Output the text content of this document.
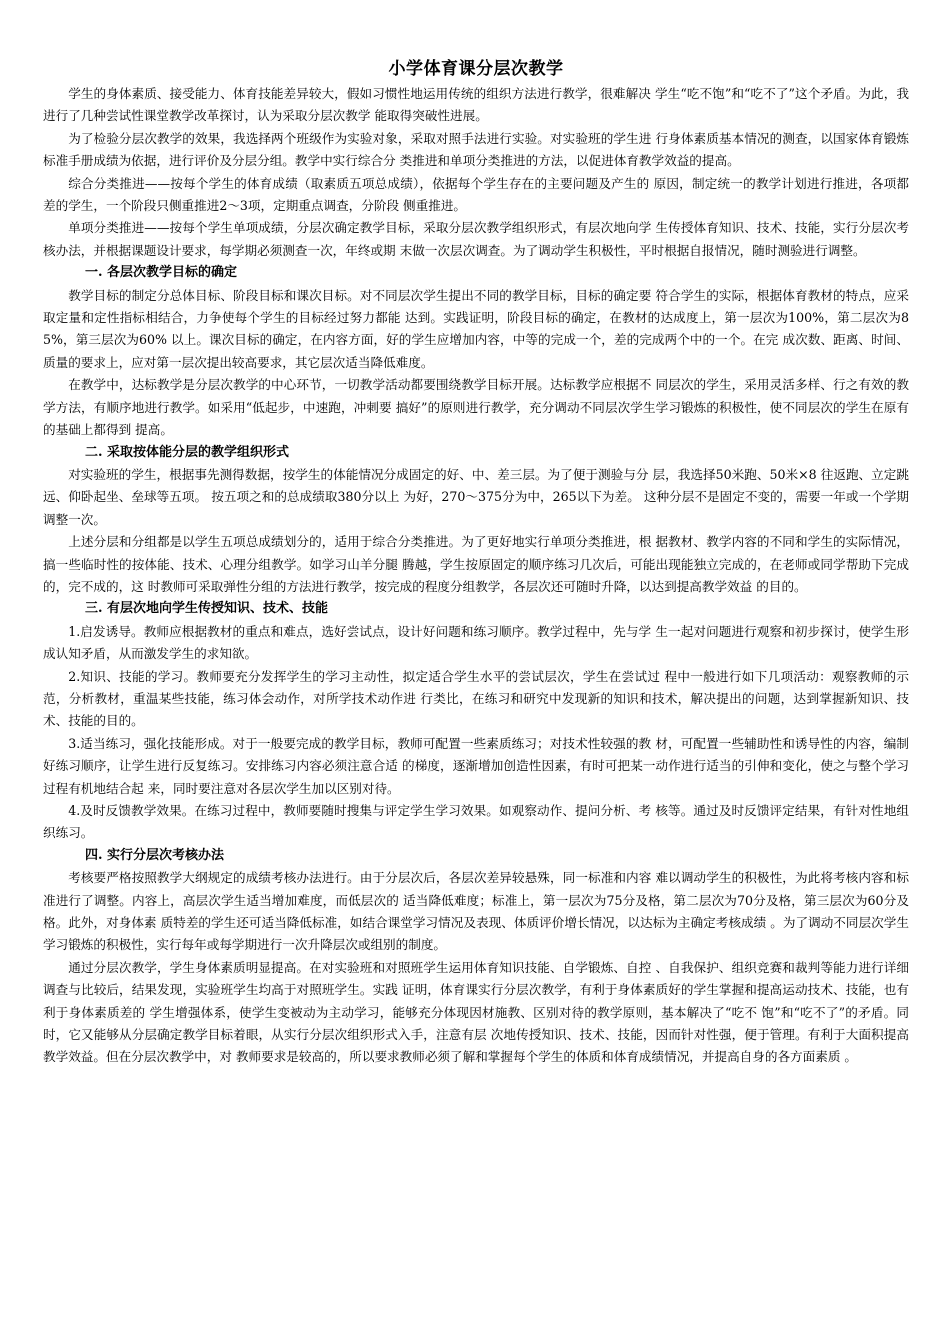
小学体育课分层次教学

学生的身体素质、接受能力、体育技能差异较大，假如习惯性地运用传统的组织方法进行教学，很难解决 学生“吃不饱”和“吃不了”这个矛盾。为此，我进行了几种尝试性课堂教学改革探讨，认为采取分层次教学 能取得突破性进展。

为了检验分层次教学的效果，我选择两个班级作为实验对象，采取对照手法进行实验。对实验班的学生进 行身体素质基本情况的测查，以国家体育锻炼标准手册成绩为依据，进行评价及分层分组。教学中实行综合分 类推进和单项分类推进的方法，以促进体育教学效益的提高。

综合分类推进——按每个学生的体育成绩（取素质五项总成绩），依据每个学生存在的主要问题及产生的 原因，制定统一的教学计划进行推进，各项都差的学生，一个阶段只侧重推进2～3项，定期重点调查，分阶段 侧重推进。

单项分类推进——按每个学生单项成绩，分层次确定教学目标，采取分层次教学组织形式，有层次地向学 生传授体育知识、技术、技能，实行分层次考核办法，并根据课题设计要求，每学期必须测查一次，年终或期 末做一次层次调查。为了调动学生积极性，平时根据自报情况，随时测验进行调整。

一. 各层次教学目标的确定

教学目标的制定分总体目标、阶段目标和课次目标。对不同层次学生提出不同的教学目标，目标的确定要 符合学生的实际，根据体育教材的特点，应采取定量和定性指标相结合，力争使每个学生的目标经过努力都能 达到。实践证明，阶段目标的确定，在教材的达成度上，第一层次为100%，第二层次为85%，第三层次为60% 以上。课次目标的确定，在内容方面，好的学生应增加内容，中等的完成一个，差的完成两个中的一个。在完 成次数、距离、时间、质量的要求上，应对第一层次提出较高要求，其它层次适当降低难度。

在教学中，达标教学是分层次教学的中心环节，一切教学活动都要围绕教学目标开展。达标教学应根据不 同层次的学生，采用灵活多样、行之有效的教学方法，有顺序地进行教学。如采用“低起步，中速跑，冲刺要 搞好”的原则进行教学，充分调动不同层次学生学习锻炼的积极性，使不同层次的学生在原有的基础上都得到 提高。

二. 采取按体能分层的教学组织形式

对实验班的学生，根据事先测得数据，按学生的体能情况分成固定的好、中、差三层。为了便于测验与分 层，我选择50米跑、50米×8 往返跑、立定跳远、仰卧起坐、垒球等五项。 按五项之和的总成绩取380分以上 为好，270～375分为中，265以下为差。 这种分层不是固定不变的，需要一年或一个学期调整一次。

上述分层和分组都是以学生五项总成绩划分的，适用于综合分类推进。为了更好地实行单项分类推进，根 据教材、教学内容的不同和学生的实际情况，搞一些临时性的按体能、技术、心理分组教学。如学习山羊分腿 腾越，学生按原固定的顺序练习几次后，可能出现能独立完成的，在老师或同学帮助下完成的，完不成的，这 时教师可采取弹性分组的方法进行教学，按完成的程度分组教学，各层次还可随时升降，以达到提高教学效益 的目的。

三. 有层次地向学生传授知识、技术、技能

1.启发诱导。教师应根据教材的重点和难点，选好尝试点，设计好问题和练习顺序。教学过程中，先与学 生一起对问题进行观察和初步探讨，使学生形成认知矛盾，从而激发学生的求知欲。

2.知识、技能的学习。教师要充分发挥学生的学习主动性，拟定适合学生水平的尝试层次，学生在尝试过 程中一般进行如下几项活动：观察教师的示范，分析教材，重温某些技能，练习体会动作，对所学技术动作进 行类比，在练习和研究中发现新的知识和技术，解决提出的问题，达到掌握新知识、技术、技能的目的。

3.适当练习，强化技能形成。对于一般要完成的教学目标，教师可配置一些素质练习；对技术性较强的教 材，可配置一些辅助性和诱导性的内容，编制好练习顺序，让学生进行反复练习。安排练习内容必须注意合适 的梯度，逐渐增加创造性因素，有时可把某一动作进行适当的引伸和变化，使之与整个学习过程有机地结合起 来，同时要注意对各层次学生加以区别对待。

4.及时反馈教学效果。在练习过程中，教师要随时搜集与评定学生学习效果。如观察动作、提问分析、考 核等。通过及时反馈评定结果，有针对性地组织练习。

四. 实行分层次考核办法

考核要严格按照教学大纲规定的成绩考核办法进行。由于分层次后，各层次差异较悬殊，同一标准和内容 难以调动学生的积极性，为此将考核内容和标准进行了调整。内容上，高层次学生适当增加难度，而低层次的 适当降低难度；标准上，第一层次为75分及格，第二层次为70分及格，第三层次为60分及格。此外，对身体素 质特差的学生还可适当降低标准，如结合课堂学习情况及表现、体质评价增长情况，以达标为主确定考核成绩 。为了调动不同层次学生学习锻炼的积极性，实行每年或每学期进行一次升降层次或组别的制度。

通过分层次教学，学生身体素质明显提高。在对实验班和对照班学生运用体育知识技能、自学锻炼、自控 、自我保护、组织竞赛和裁判等能力进行详细调查与比较后，结果发现，实验班学生均高于对照班学生。实践 证明，体育课实行分层次教学，有利于身体素质好的学生掌握和提高运动技术、技能，也有利于身体素质差的 学生增强体系，使学生变被动为主动学习，能够充分体现因材施教、区别对待的教学原则，基本解决了“吃不 饱”和“吃不了”的矛盾。同时，它又能够从分层确定教学目标着眼，从实行分层次组织形式入手，注意有层 次地传授知识、技术、技能，因而针对性强，便于管理。有利于大面积提高教学效益。但在分层次教学中，对 教师要求是较高的，所以要求教师必须了解和掌握每个学生的体质和体育成绩情况，并提高自身的各方面素质 。
